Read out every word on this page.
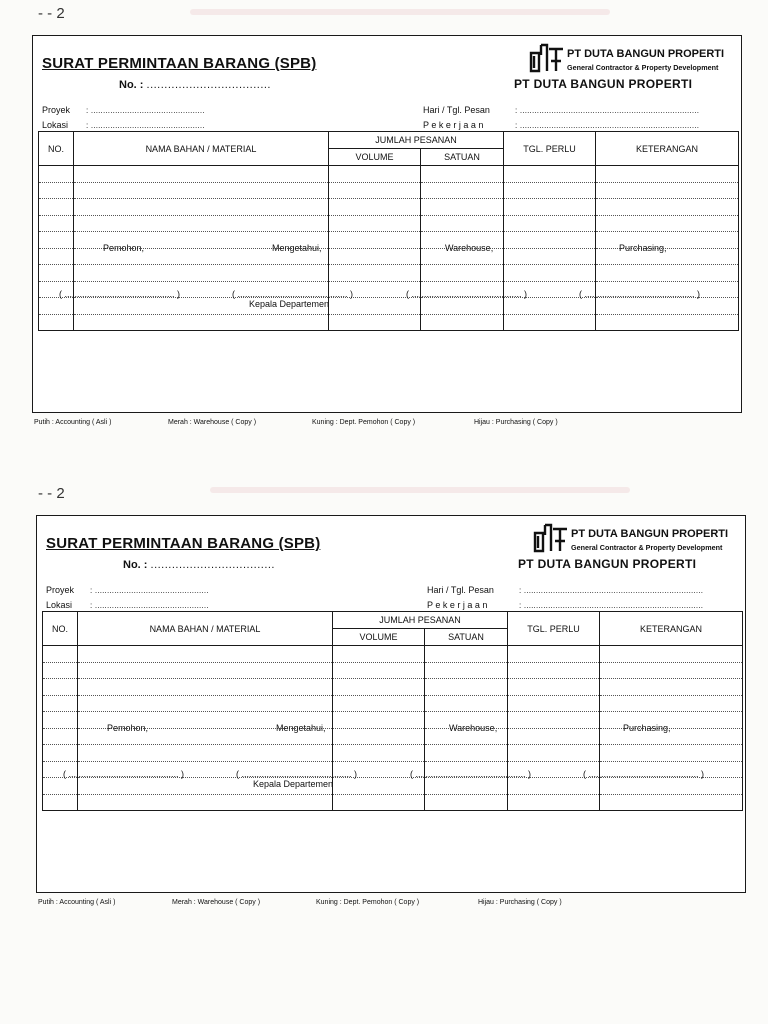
- - 2
- - 2
SURAT PERMINTAAN BARANG (SPB)
No. : ...................................
PT DUTA BANGUN PROPERTI
General Contractor & Property Development
PT DUTA BANGUN PROPERTI
Proyek : ...............................................
Lokasi : ...............................................
Hari / Tgl. Pesan	: ..........................................................................
P e k e r j a a n	: ..........................................................................
NO.	NAMA BAHAN / MATERIAL	JUMLAH PESANAN		TGL. PERLU	KETERANGAN
		VOLUME	SATUAN		

Pemohon,	Mengetahui,	Warehouse,	Purchasing,
( ............................................ )	( ............................................ )	( ............................................ )	( ............................................ )
Kepala Departemen
Putih : Accounting ( Asli )	Merah : Warehouse ( Copy )	Kuning : Dept. Pemohon ( Copy )	Hijau : Purchasing ( Copy )
SURAT PERMINTAAN BARANG (SPB)
No. : ...................................
PT DUTA BANGUN PROPERTI
General Contractor & Property Development
PT DUTA BANGUN PROPERTI
Proyek : ...............................................
Lokasi : ...............................................
Hari / Tgl. Pesan	: ..........................................................................
P e k e r j a a n	: ..........................................................................
NO.	NAMA BAHAN / MATERIAL	JUMLAH PESANAN		TGL. PERLU	KETERANGAN
		VOLUME	SATUAN		

Pemohon,	Mengetahui,	Warehouse,	Purchasing,
( ............................................ )	( ............................................ )	( ............................................ )	( ............................................ )
Kepala Departemen
Putih : Accounting ( Asli )	Merah : Warehouse ( Copy )	Kuning : Dept. Pemohon ( Copy )	Hijau : Purchasing ( Copy )
